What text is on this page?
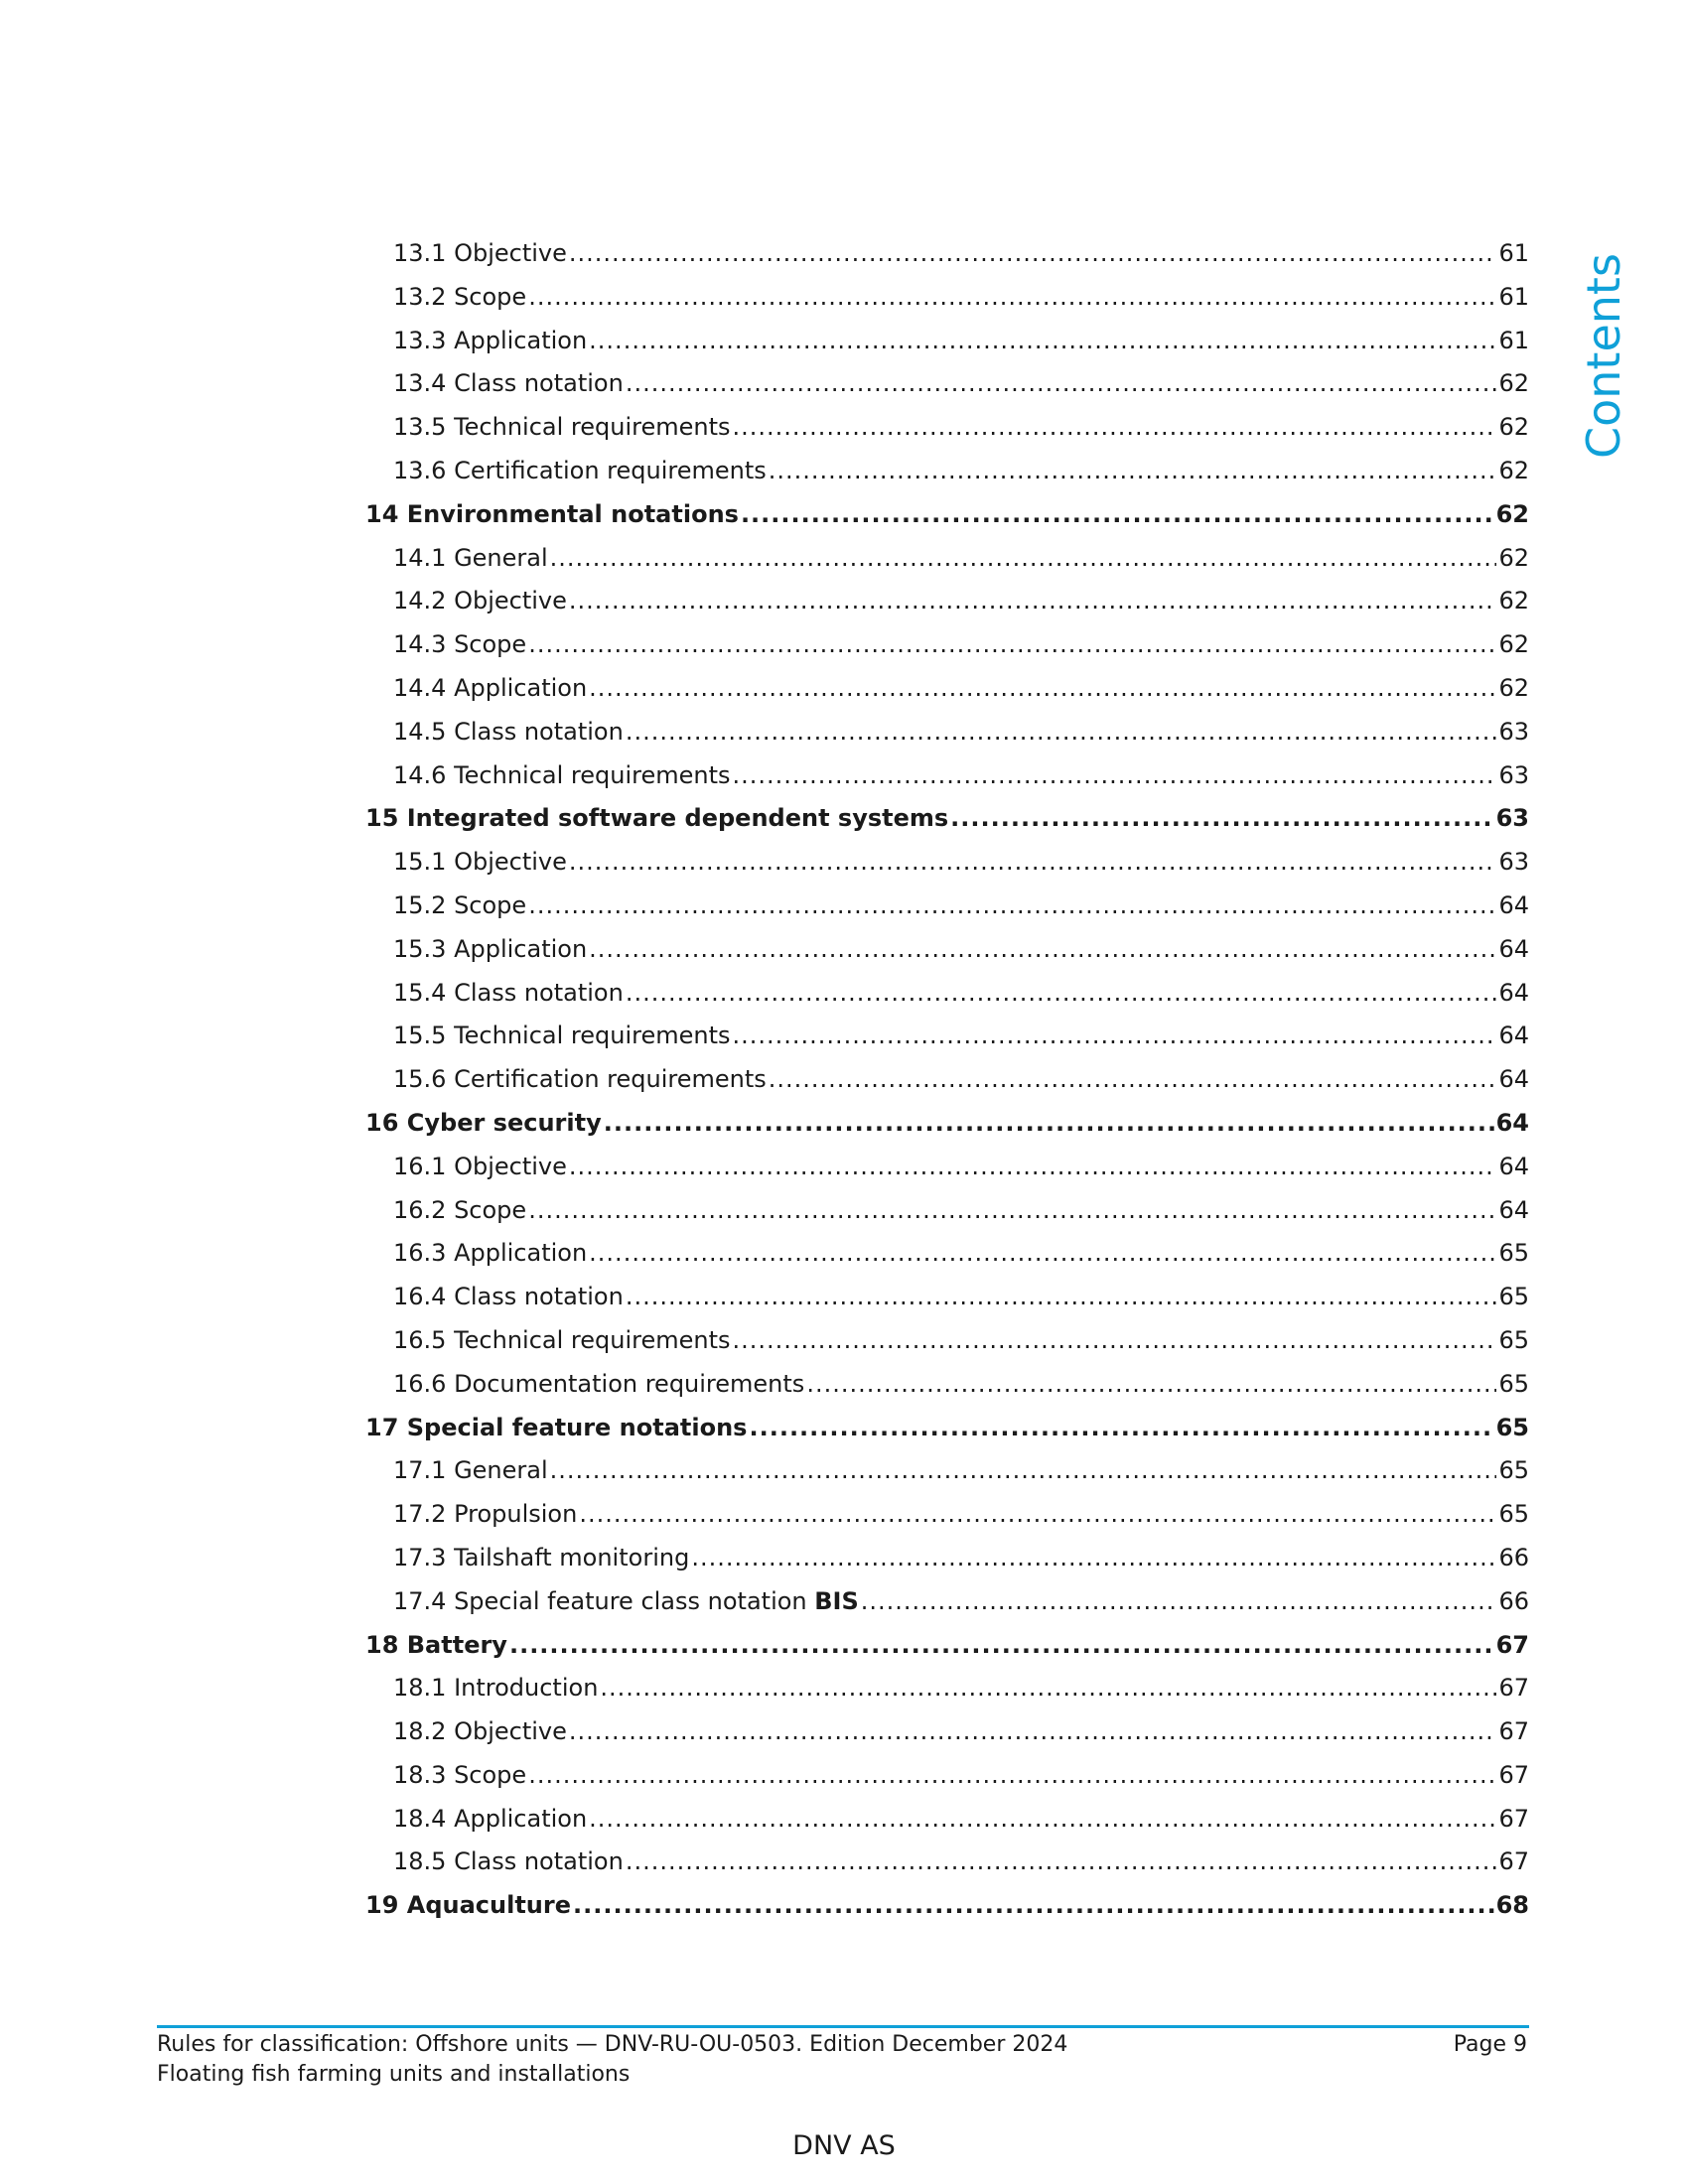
Contents
13.1 Objective .....	61
13.2 Scope .....	61
13.3 Application .....	61
13.4 Class notation .....	62
13.5 Technical requirements .....	62
13.6 Certification requirements .....	62
14 Environmental notations .....	62
14.1 General .....	62
14.2 Objective .....	62
14.3 Scope .....	62
14.4 Application .....	62
14.5 Class notation .....	63
14.6 Technical requirements .....	63
15 Integrated software dependent systems .....	63
15.1 Objective .....	63
15.2 Scope .....	64
15.3 Application .....	64
15.4 Class notation .....	64
15.5 Technical requirements .....	64
15.6 Certification requirements .....	64
16 Cyber security .....	64
16.1 Objective .....	64
16.2 Scope .....	64
16.3 Application .....	65
16.4 Class notation .....	65
16.5 Technical requirements .....	65
16.6 Documentation requirements .....	65
17 Special feature notations .....	65
17.1 General .....	65
17.2 Propulsion .....	65
17.3 Tailshaft monitoring .....	66
17.4 Special feature class notation BIS .....	66
18 Battery .....	67
18.1 Introduction .....	67
18.2 Objective .....	67
18.3 Scope .....	67
18.4 Application .....	67
18.5 Class notation .....	67
19 Aquaculture .....	68
Rules for classification: Offshore units — DNV-RU-OU-0503. Edition December 2024	Page 9
Floating fish farming units and installations
DNV AS
